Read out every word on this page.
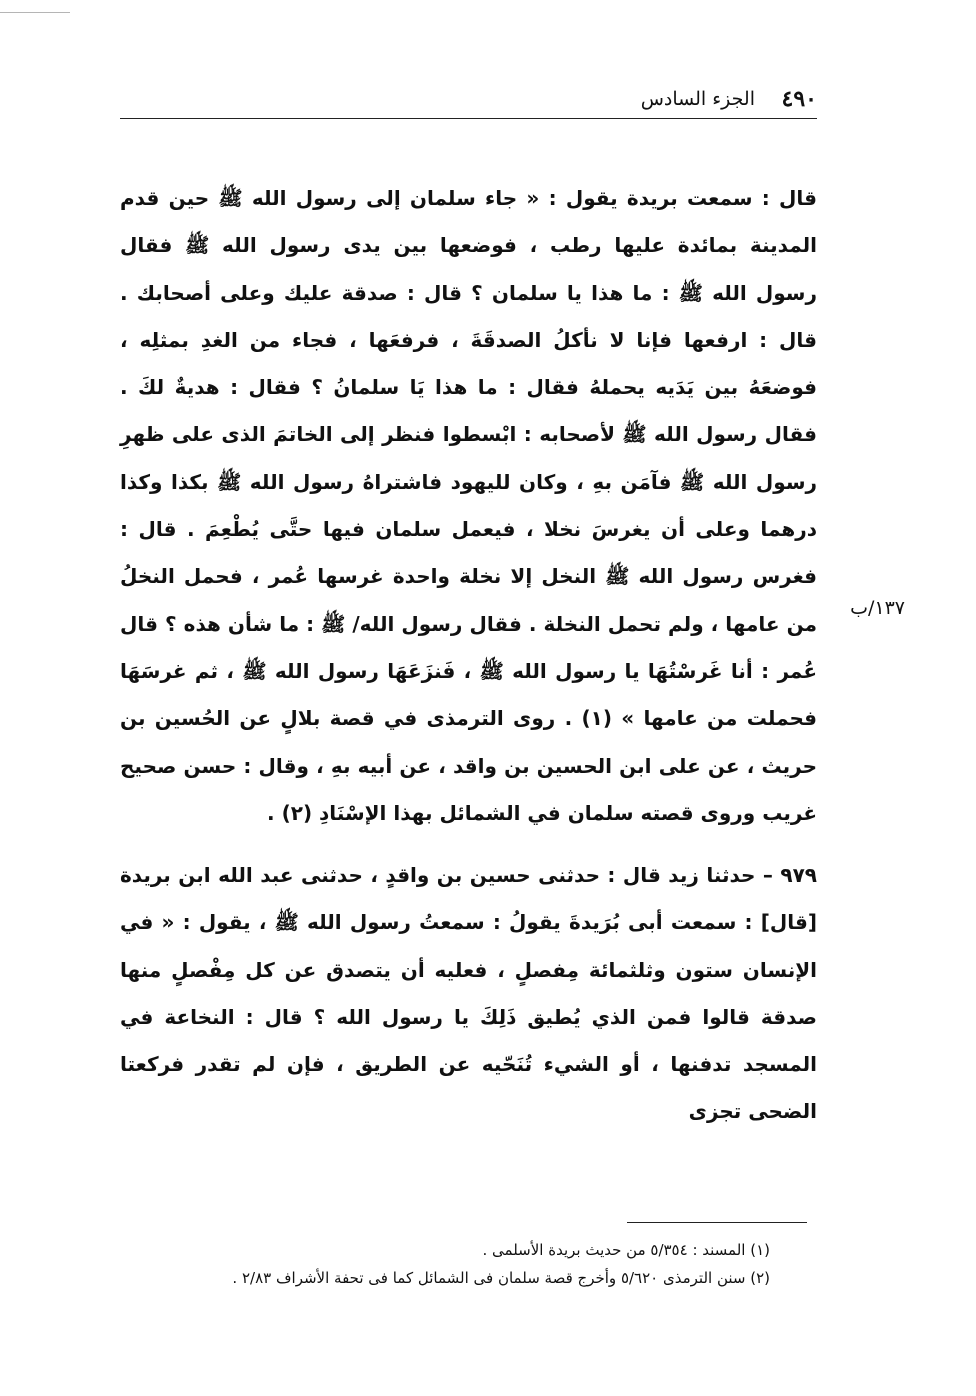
٤٩٠
الجزء السادس
١٣٧/ب

قال : سمعت بريدة يقول : « جاء سلمان إلى رسول الله ﷺ حين قدم المدينة بمائدة عليها رطب ، فوضعها بين يدى رسول الله ﷺ فقال رسول الله ﷺ : ما هذا يا سلمان ؟ قال : صدقة عليك وعلى أصحابك . قال : ارفعها فإنا لا نأكلُ الصدقَةَ ، فرفعَها ، فجاء من الغدِ بمثلِه ، فوضعَهُ بين يَدَيه يحملهُ فقال : ما هذا يَا سلمانُ ؟ فقال : هديةٌ لكَ . فقال رسول الله ﷺ لأصحابه : ابْسطوا فنظر إلى الخاتمَ الذى على ظهرِ رسول الله ﷺ فآمَن بهِ ، وكان لليهود فاشتراهُ رسول الله ﷺ بكذا وكذا درهما وعلى أن يغرسَ نخلا ، فيعمل سلمان فيها حتَّى يُطْعِمَ . قال : فغرس رسول الله ﷺ النخل إلا نخلة واحدة غرسها عُمر ، فحمل النخلُ من عامها ، ولم تحمل النخلة . فقال رسول الله/ ﷺ : ما شأن هذه ؟ قال عُمر : أنا غَرسْتُهَا يا رسول الله ﷺ ، فَنزَعَهَا رسول الله ﷺ ، ثم غرسَهَا فحملت من عامها » (١) . روى الترمذى في قصة بلالٍ عن الحُسين بن حريث ، عن على ابن الحسين بن واقد ، عن أبيه بهِ ، وقال : حسن صحيح غريب وروى قصته سلمان في الشمائل بهذا الإسْنَادِ (٢) .

٩٧٩ – حدثنا زيد قال : حدثنى حسين بن واقدٍ ، حدثنى عبد الله ابن بريدة [قال] : سمعت أبى بُرَيدةَ يقولُ : سمعتُ رسول الله ﷺ ، يقول : « في الإنسان ستون وثلثمائة مِفصلٍ ، فعليه أن يتصدق عن كل مِفْصلٍ منها صدقة قالوا فمن الذي يُطيق ذَلِكَ يا رسول الله ؟ قال : النخاعة في المسجد تدفنها ، أو الشيء تُنَحّيه عن الطريق ، فإن لم تقدر فركعتا الضحى تجزى

(١) المسند : ٥/٣٥٤ من حديث بريدة الأسلمى .
(٢) سنن الترمذى ٥/٦٢٠ وأخرج قصة سلمان فى الشمائل كما فى تحفة الأشراف ٢/٨٣ .
